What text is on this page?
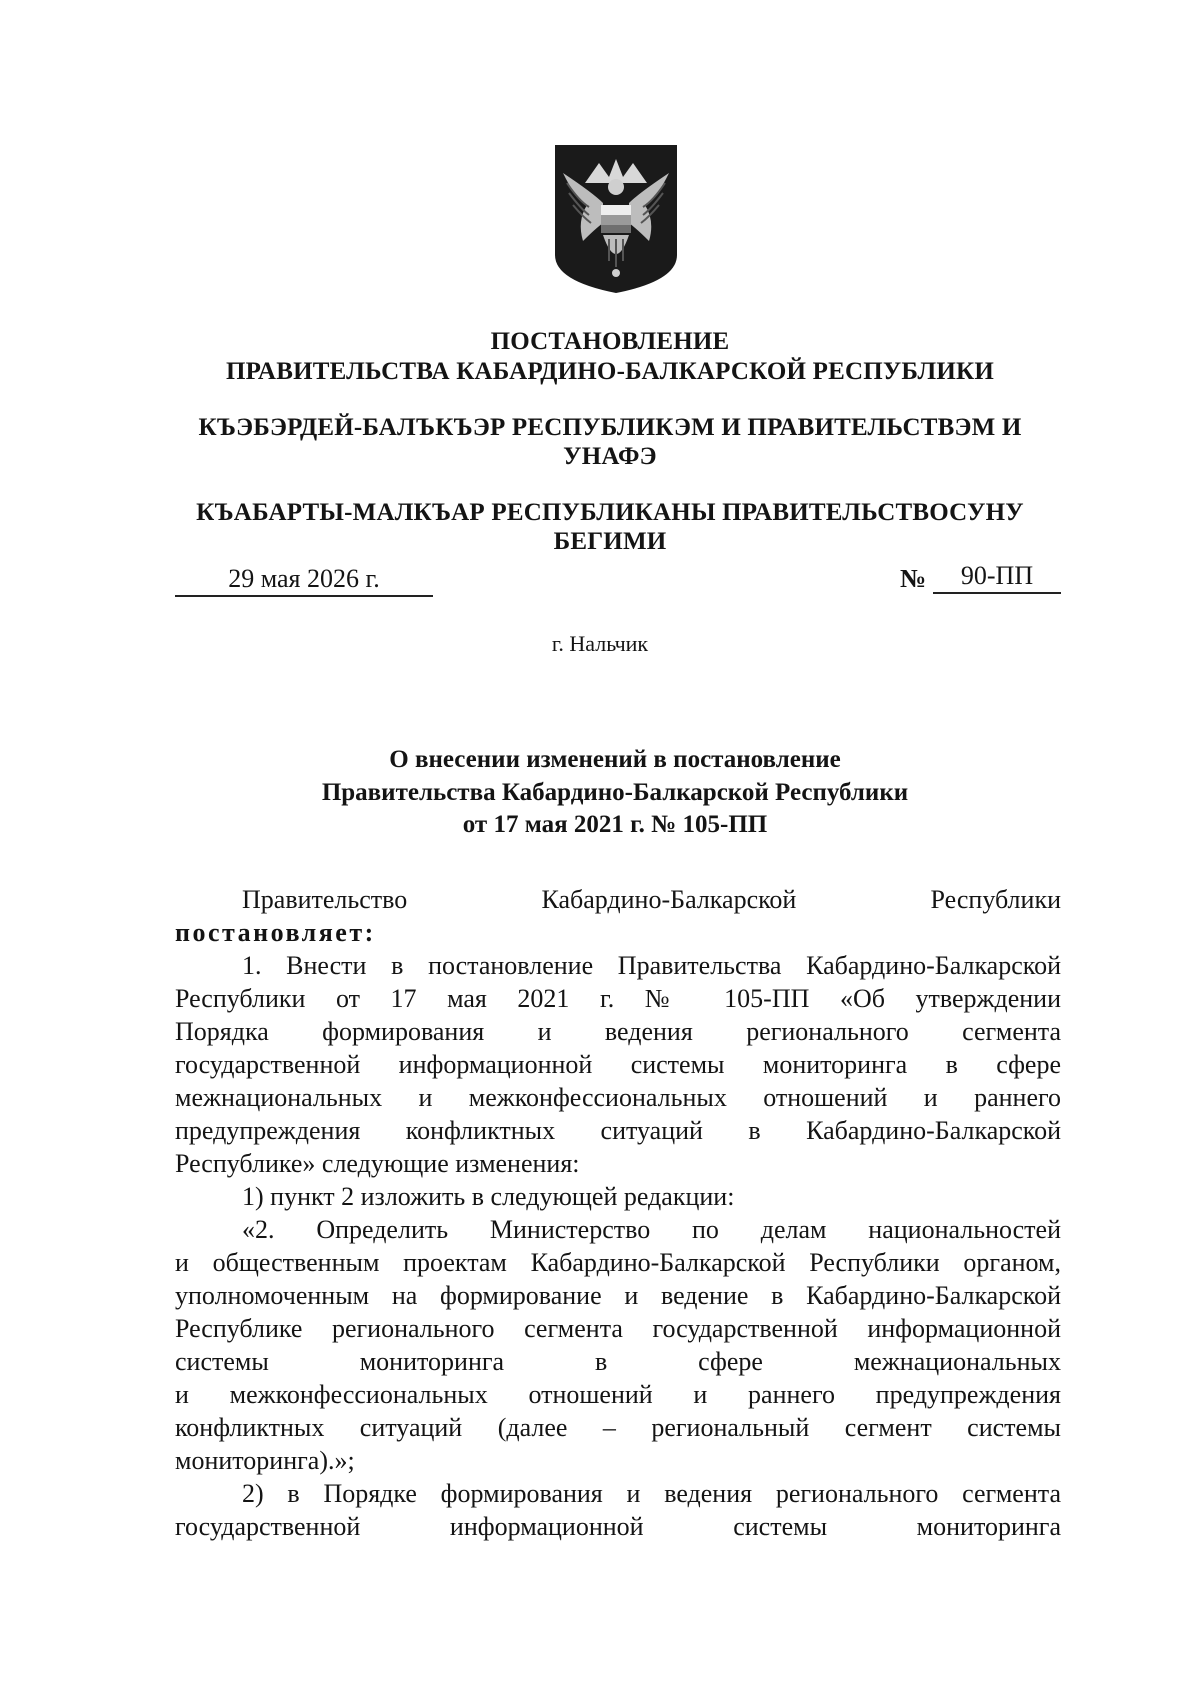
ПОСТАНОВЛЕНИЕ
ПРАВИТЕЛЬСТВА КАБАРДИНО-БАЛКАРСКОЙ РЕСПУБЛИКИ
КЪЭБЭРДЕЙ-БАЛЪКЪЭР РЕСПУБЛИКЭМ И ПРАВИТЕЛЬСТВЭМ И
УНАФЭ
КЪАБАРТЫ-МАЛКЪАР РЕСПУБЛИКАНЫ ПРАВИТЕЛЬСТВОСУНУ
БЕГИМИ
29 мая 2026 г.	№	90-ПП
г. Нальчик
О внесении изменений в постановление
Правительства Кабардино-Балкарской Республики
от 17 мая 2021 г. № 105-ПП
Правительство Кабардино-Балкарской Республики
постановляет:
1. Внести в постановление Правительства Кабардино-Балкарской
Республики от 17 мая 2021 г. № 105-ПП «Об утверждении
Порядка формирования и ведения регионального сегмента
государственной информационной системы мониторинга в сфере
межнациональных и межконфессиональных отношений и раннего
предупреждения конфликтных ситуаций в Кабардино-Балкарской
Республике» следующие изменения:
1) пункт 2 изложить в следующей редакции:
«2. Определить Министерство по делам национальностей
и общественным проектам Кабардино-Балкарской Республики органом,
уполномоченным на формирование и ведение в Кабардино-Балкарской
Республике регионального сегмента государственной информационной
системы мониторинга в сфере межнациональных
и межконфессиональных отношений и раннего предупреждения
конфликтных ситуаций (далее – региональный сегмент системы
мониторинга).»;
2) в Порядке формирования и ведения регионального сегмента
государственной информационной системы мониторинга
